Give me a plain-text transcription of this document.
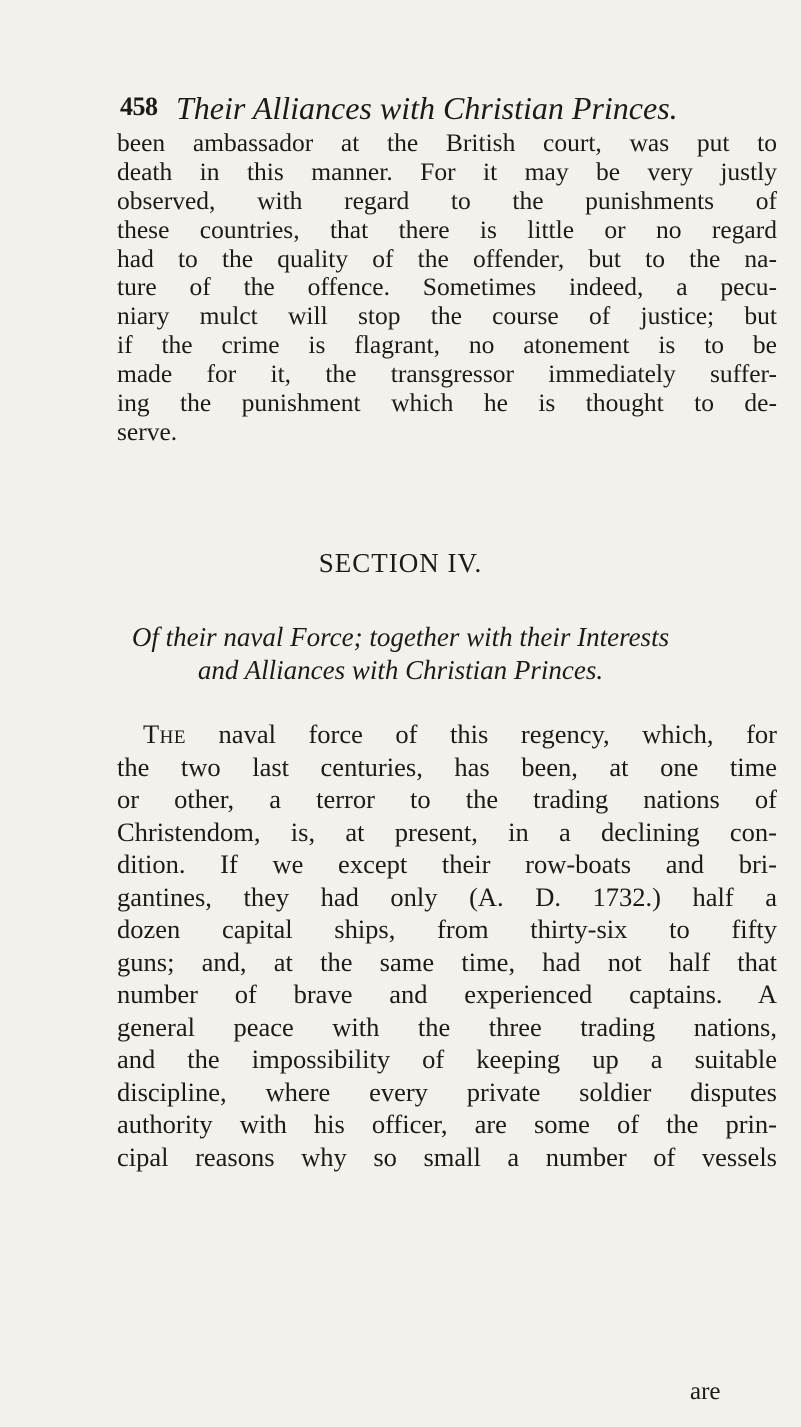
458 Their Alliances with Christian Princes.
been ambassador at the British court, was put to
death in this manner. For it may be very justly
observed, with regard to the punishments of
these countries, that there is little or no regard
had to the quality of the offender, but to the na-
ture of the offence. Sometimes indeed, a pecu-
niary mulct will stop the course of justice; but
if the crime is flagrant, no atonement is to be
made for it, the transgressor immediately suffer-
ing the punishment which he is thought to de-
serve.
SECTION IV.
Of their naval Force; together with their Interests
and Alliances with Christian Princes.
The naval force of this regency, which, for
the two last centuries, has been, at one time
or other, a terror to the trading nations of
Christendom, is, at present, in a declining con-
dition. If we except their row-boats and bri-
gantines, they had only (A. D. 1732.) half a
dozen capital ships, from thirty-six to fifty
guns; and, at the same time, had not half that
number of brave and experienced captains. A
general peace with the three trading nations,
and the impossibility of keeping up a suitable
discipline, where every private soldier disputes
authority with his officer, are some of the prin-
cipal reasons why so small a number of vessels
are
